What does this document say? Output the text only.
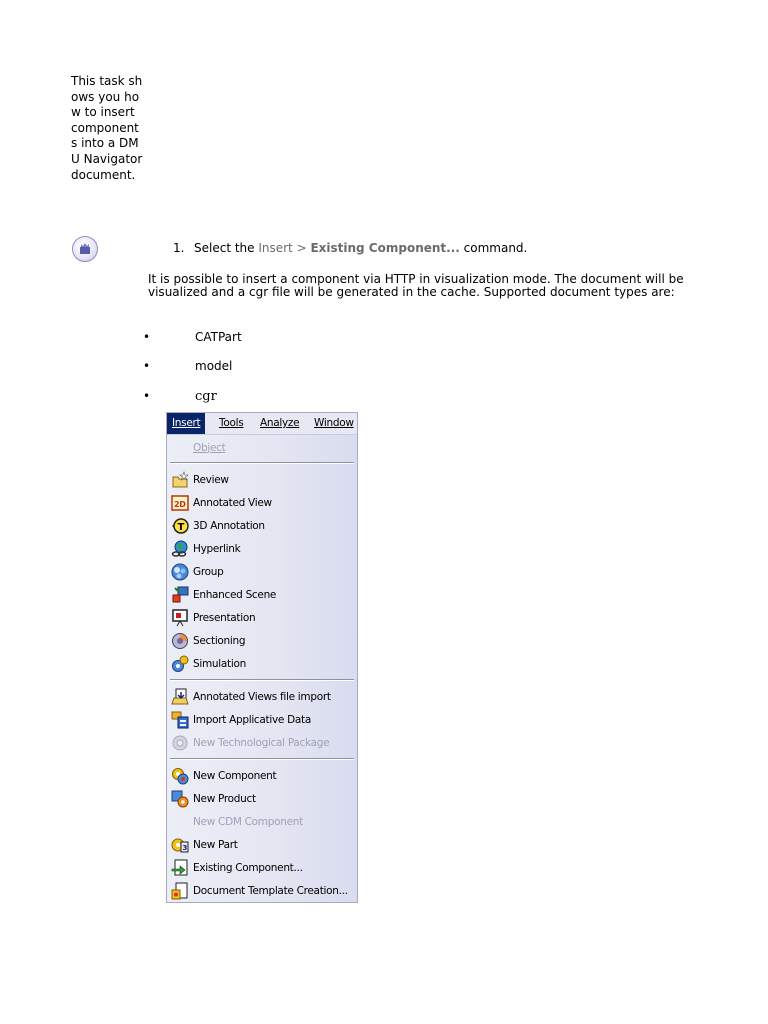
This task shows you how to insert components into a DMU Navigator document.

1. Select the Insert > Existing Component... command.

It is possible to insert a component via HTTP in visualization mode. The document will be visualized and a cgr file will be generated in the cache. Supported document types are:

•	CATPart
•	model
•	cgr
Insert	Tools	Analyze	Window
Object
Review
2D Annotated View
T 3D Annotation
Hyperlink
Group
Enhanced Scene
Presentation
Sectioning
Simulation
Annotated Views file import
Import Applicative Data
New Technological Package
New Component
New Product
New CDM Component
3 New Part
Existing Component...
Document Template Creation...
